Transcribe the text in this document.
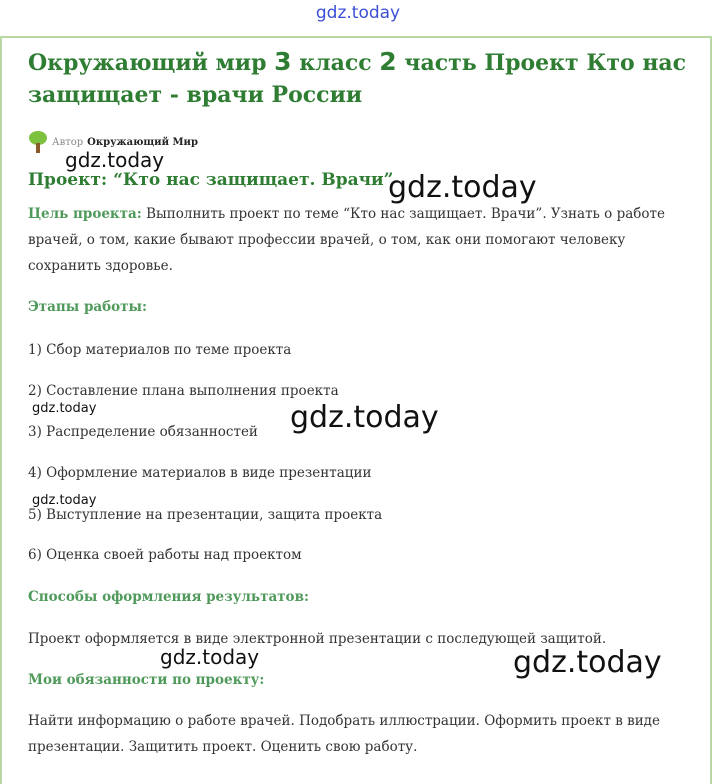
gdz.today
Окружающий мир 3 класс 2 часть Проект Кто нас защищает - врачи России
Автор Окружающий Мир
Проект: “Кто нас защищает. Врачи”

Цель проекта: Выполнить проект по теме “Кто нас защищает. Врачи”. Узнать о работе врачей, о том, какие бывают профессии врачей, о том, как они помогают человеку сохранить здоровье.

Этапы работы:

1) Сбор материалов по теме проекта

2) Составление плана выполнения проекта

3) Распределение обязанностей

4) Оформление материалов в виде презентации

5) Выступление на презентации, защита проекта

6) Оценка своей работы над проектом

Способы оформления результатов:

Проект оформляется в виде электронной презентации с последующей защитой.

Мои обязанности по проекту:

Найти информацию о работе врачей. Подобрать иллюстрации. Оформить проект в виде презентации. Защитить проект. Оценить свою работу.

gdz.today
gdz.today
gdz.today	gdz.today
gdz.today
gdz.today	gdz.today
